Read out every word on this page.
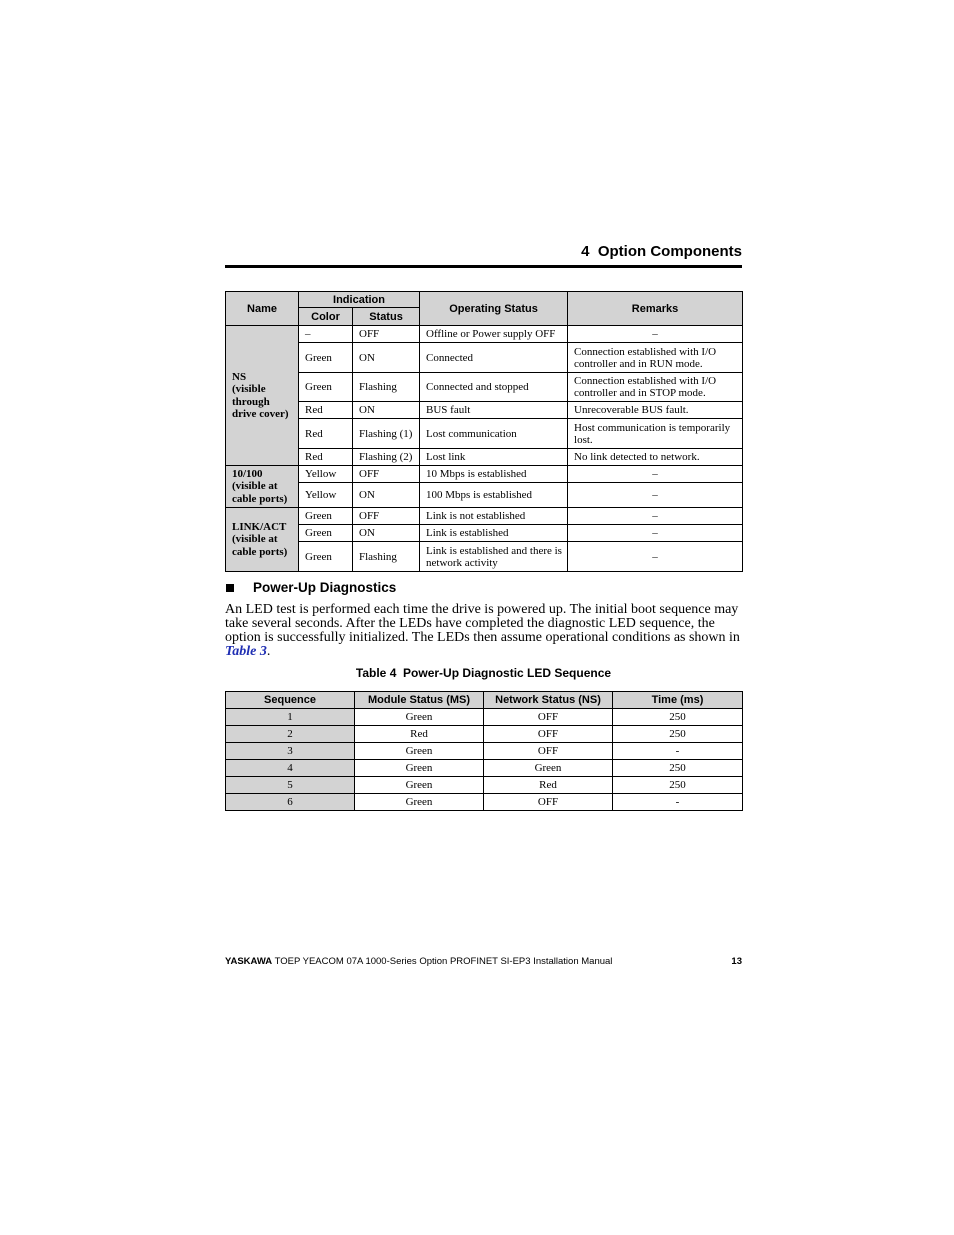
4  Option Components
Name	Indication		Operating Status	Remarks
	Color	Status		
NS
(visible
through
drive cover)	–	OFF	Offline or Power supply OFF	–
	Green	ON	Connected	Connection established with I/O controller and in RUN mode.
	Green	Flashing	Connected and stopped	Connection established with I/O controller and in STOP mode.
	Red	ON	BUS fault	Unrecoverable BUS fault.
	Red	Flashing (1)	Lost communication	Host communication is temporarily lost.
	Red	Flashing (2)	Lost link	No link detected to network.
10/100
(visible at
cable ports)	Yellow	OFF	10 Mbps is established	–
	Yellow	ON	100 Mbps is established	–
LINK/ACT
(visible at
cable ports)	Green	OFF	Link is not established	–
	Green	ON	Link is established	–
	Green	Flashing	Link is established and there is network activity	–
Power-Up Diagnostics

An LED test is performed each time the drive is powered up. The initial boot sequence may take several seconds. After the LEDs have completed the diagnostic LED sequence, the option is successfully initialized. The LEDs then assume operational conditions as shown in Table 3.

Table 4  Power-Up Diagnostic LED Sequence
Sequence	Module Status (MS)	Network Status (NS)	Time (ms)
1	Green	OFF	250
2	Red	OFF	250
3	Green	OFF	-
4	Green	Green	250
5	Green	Red	250
6	Green	OFF	-
YASKAWA TOEP YEACOM 07A 1000-Series Option PROFINET SI-EP3 Installation Manual	13
